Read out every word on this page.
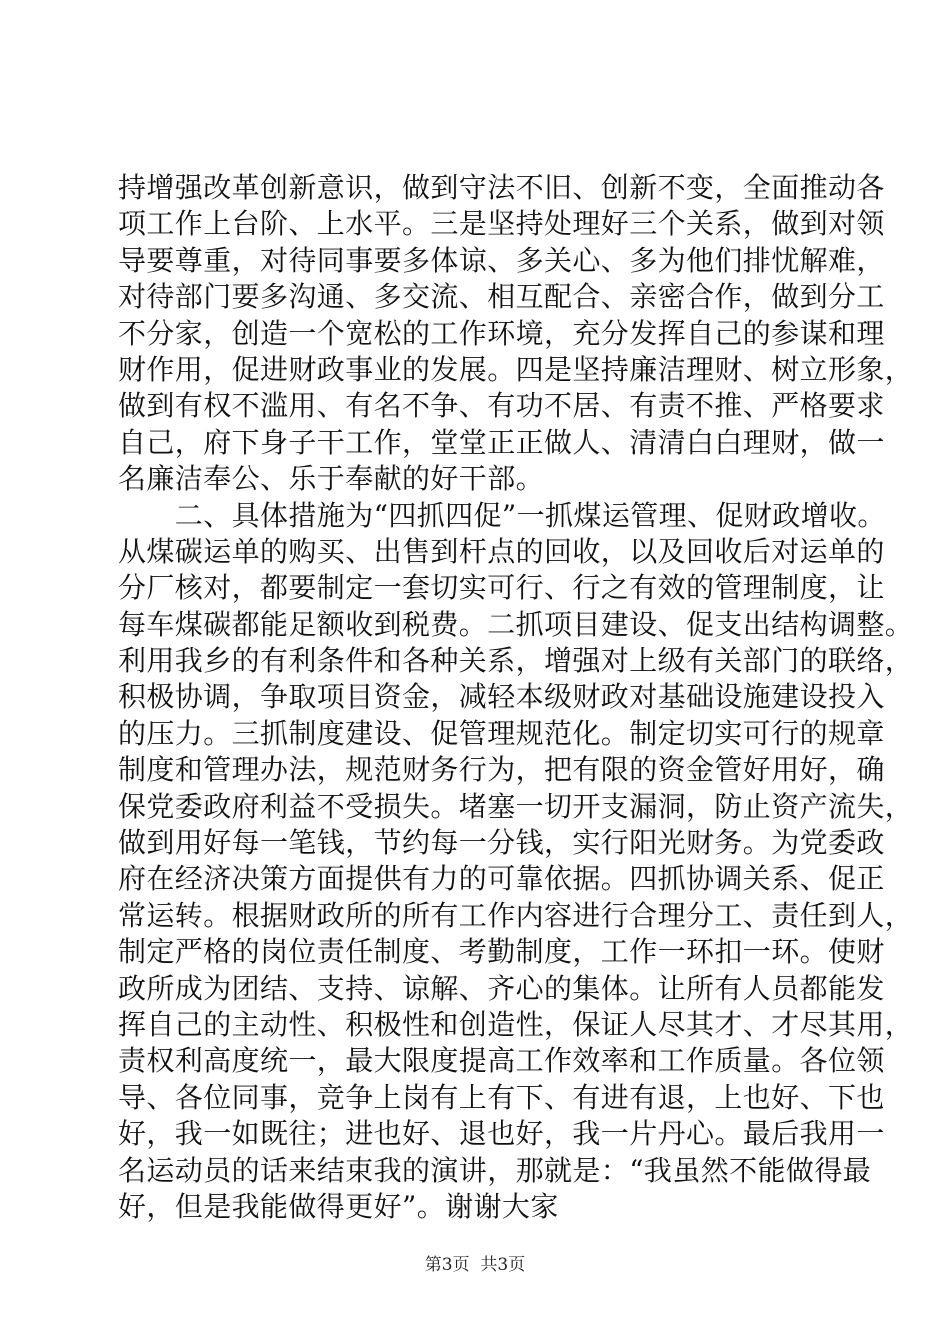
持增强改革创新意识，做到守法不旧、创新不变，全面推动各
项工作上台阶、上水平。三是坚持处理好三个关系，做到对领
导要尊重，对待同事要多体谅、多关心、多为他们排忧解难，
对待部门要多沟通、多交流、相互配合、亲密合作，做到分工
不分家，创造一个宽松的工作环境，充分发挥自己的参谋和理
财作用，促进财政事业的发展。四是坚持廉洁理财、树立形象，
做到有权不滥用、有名不争、有功不居、有责不推、严格要求
自己，府下身子干工作，堂堂正正做人、清清白白理财，做一
名廉洁奉公、乐于奉献的好干部。
　　二、具体措施为“四抓四促”一抓煤运管理、促财政增收。
从煤碳运单的购买、出售到杆点的回收，以及回收后对运单的
分厂核对，都要制定一套切实可行、行之有效的管理制度，让
每车煤碳都能足额收到税费。二抓项目建设、促支出结构调整。
利用我乡的有利条件和各种关系，增强对上级有关部门的联络，
积极协调，争取项目资金，减轻本级财政对基础设施建设投入
的压力。三抓制度建设、促管理规范化。制定切实可行的规章
制度和管理办法，规范财务行为，把有限的资金管好用好，确
保党委政府利益不受损失。堵塞一切开支漏洞，防止资产流失，
做到用好每一笔钱，节约每一分钱，实行阳光财务。为党委政
府在经济决策方面提供有力的可靠依据。四抓协调关系、促正
常运转。根据财政所的所有工作内容进行合理分工、责任到人，
制定严格的岗位责任制度、考勤制度，工作一环扣一环。使财
政所成为团结、支持、谅解、齐心的集体。让所有人员都能发
挥自己的主动性、积极性和创造性，保证人尽其才、才尽其用，
责权利高度统一，最大限度提高工作效率和工作质量。各位领
导、各位同事，竞争上岗有上有下、有进有退，上也好、下也
好，我一如既往；进也好、退也好，我一片丹心。最后我用一
名运动员的话来结束我的演讲，那就是：“我虽然不能做得最
好，但是我能做得更好”。谢谢大家
第3页  共3页
